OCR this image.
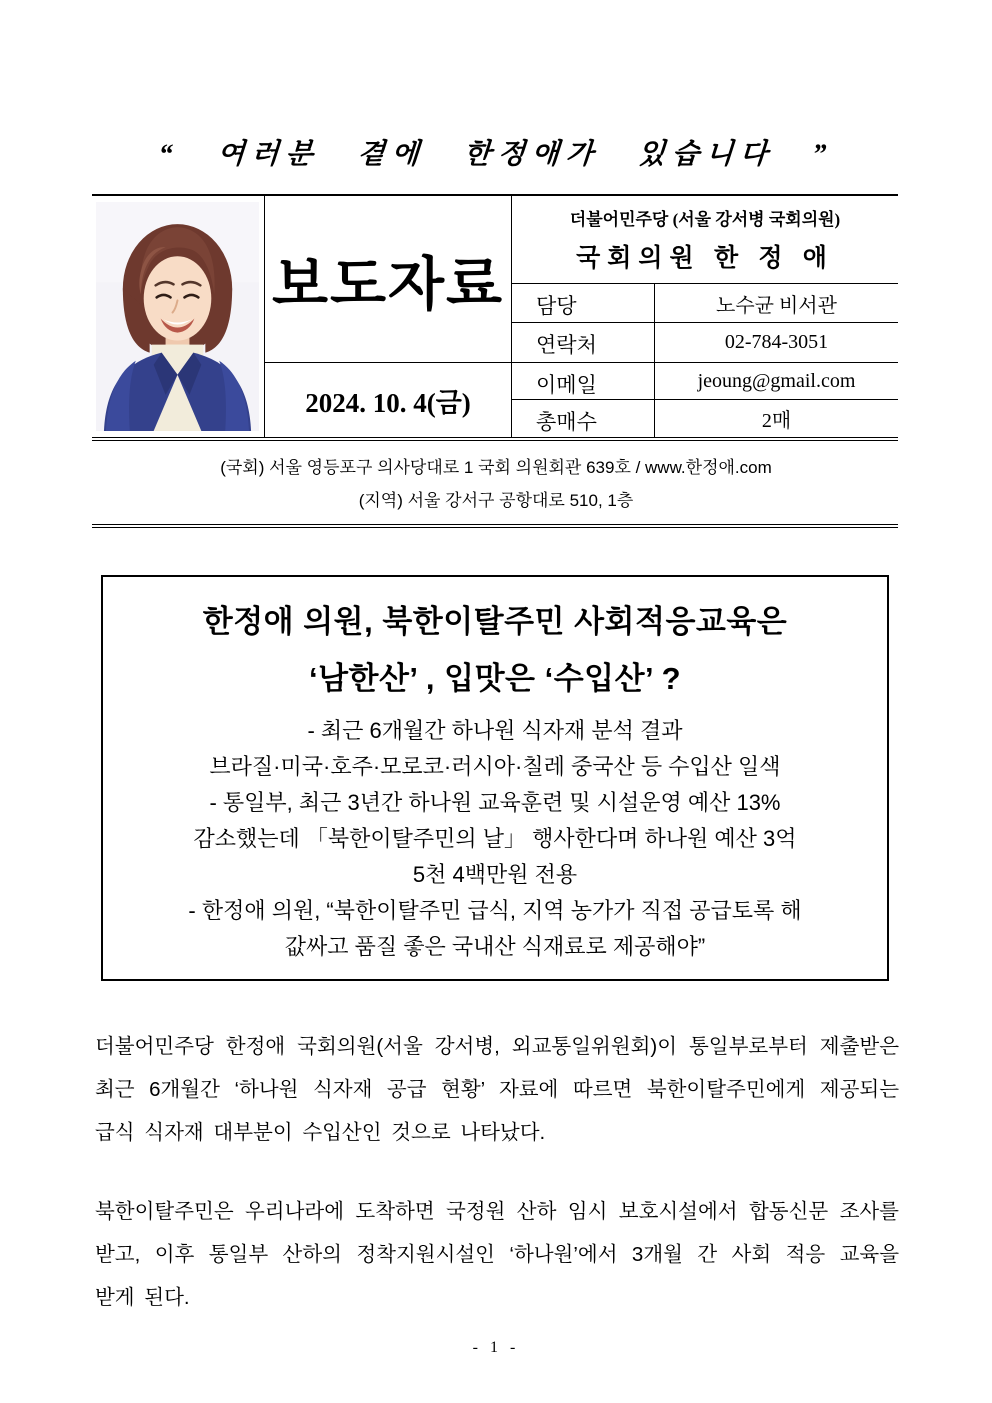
“ 여러분 곁에 한정애가 있습니다 ”
보도자료
2024. 10. 4(금)
더불어민주당 (서울 강서병 국회의원)
국회의원 한 정 애
담당	노수균 비서관
연락처	02-784-3051
이메일	jeoung@gmail.com
총매수	2매
(국회) 서울 영등포구 의사당대로 1 국회 의원회관 639호 / www.한정애.com
(지역) 서울 강서구 공항대로 510, 1층
한정애 의원, 북한이탈주민 사회적응교육은
‘남한산’ , 입맛은 ‘수입산’ ?
- 최근 6개월간 하나원 식자재 분석 결과
브라질·미국·호주·모로코·러시아·칠레 중국산 등 수입산 일색
- 통일부, 최근 3년간 하나원 교육훈련 및 시설운영 예산 13%
감소했는데 「북한이탈주민의 날」 행사한다며 하나원 예산 3억
5천 4백만원 전용
- 한정애 의원, “북한이탈주민 급식, 지역 농가가 직접 공급토록 해
값싸고 품질 좋은 국내산 식재료로 제공해야”

더불어민주당 한정애 국회의원(서울 강서병, 외교통일위원회)이 통일부로부터 제출받은 최근 6개월간 ‘하나원 식자재 공급 현황’ 자료에 따르면 북한이탈주민에게 제공되는 급식 식자재 대부분이 수입산인 것으로 나타났다.

북한이탈주민은 우리나라에 도착하면 국정원 산하 임시 보호시설에서 합동신문 조사를 받고, 이후 통일부 산하의 정착지원시설인 ‘하나원’에서 3개월 간 사회 적응 교육을 받게 된다.

- 1 -
